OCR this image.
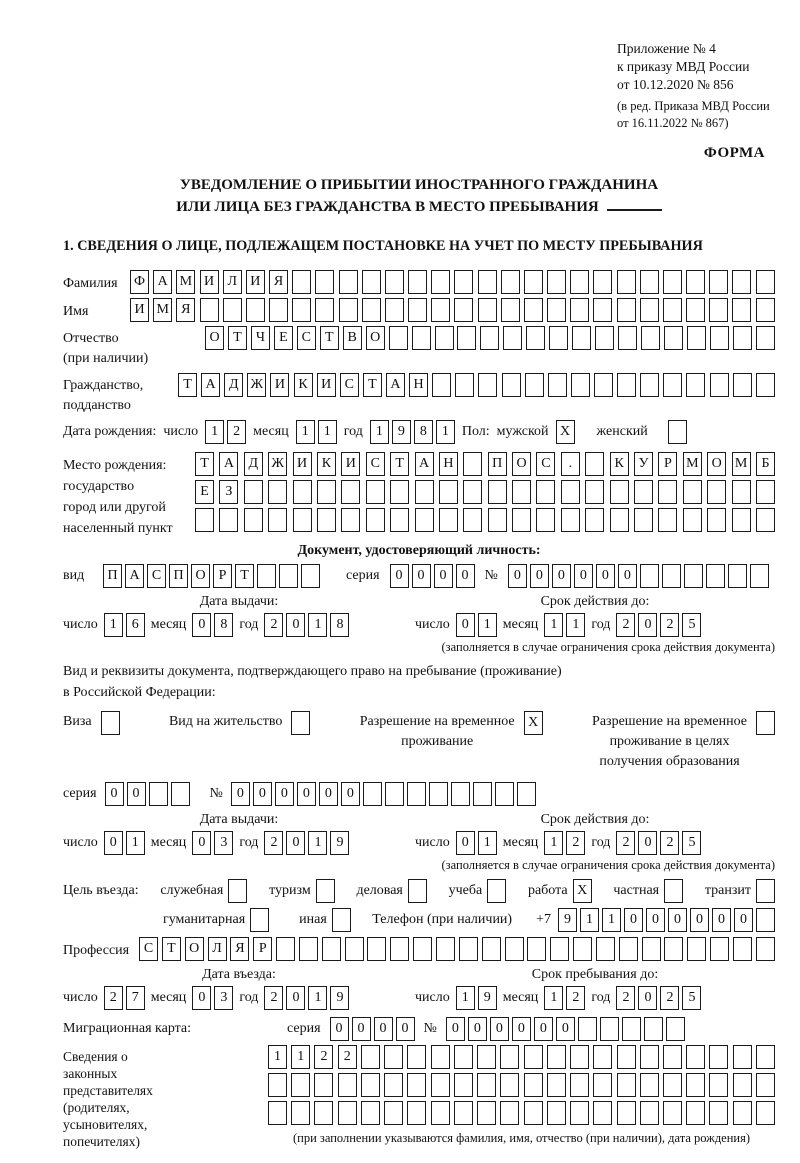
Приложение № 4
к приказу МВД России
от 10.12.2020 № 856
(в ред. Приказа МВД России
от 16.11.2022 № 867)
ФОРМА
УВЕДОМЛЕНИЕ О ПРИБЫТИИ ИНОСТРАННОГО ГРАЖДАНИНА
ИЛИ ЛИЦА БЕЗ ГРАЖДАНСТВА В МЕСТО ПРЕБЫВАНИЯ
1. СВЕДЕНИЯ О ЛИЦЕ, ПОДЛЕЖАЩЕМ ПОСТАНОВКЕ НА УЧЕТ ПО МЕСТУ ПРЕБЫВАНИЯ
Фамилия	Ф А М И Л И Я
Имя	И М Я
Отчество
(при наличии)
О Т	Ч	Е	С	Т	В О
Гражданство,
подданство
Т А Д Ж И К И С	Т А Н
Дата рождения: число 1	2 месяц 1	1 год 1	9	8	1 Пол: мужской X	женский
Место рождения:
государство
город или другой
населенный пункт
Т	А	Д Ж И	К	И	С	Т	А	Н	П	О	С	.	К	У	Р	М О М	Б
Е	З
Документ, удостоверяющий личность:
вид	П А С П О Р Т	серия	0	0	0	0	№	0	0	0	0	0	0
Дата выдачи:
число 1	6 месяц 0	8 год 2	0	1	8
Срок действия до:
число 0	1 месяц 1	1 год 2	0	2	5
(заполняется в случае ограничения срока действия документа)
Вид и реквизиты документа, подтверждающего право на пребывание (проживание)
в Российской Федерации:
Виза	Вид на жительство	Разрешение на временное
проживание
X	Разрешение на временное
проживание в целях
получения образования
серия	0	0	№	0	0	0	0	0	0
Дата выдачи:
число 0	1 месяц 0	3 год 2	0	1	9
Срок действия до:
число 0	1 месяц 1	2 год 2	0	2	5
(заполняется в случае ограничения срока действия документа)
Цель въезда: служебная	туризм	деловая	учеба	работа X	частная	транзит
гуманитарная	иная	Телефон (при наличии) +7 9	1	1	0	0	0	0	0	0
Профессия	С Т О Л Я	Р
Дата въезда:
число 2	7 месяц 0	3 год 2	0	1	9
Срок пребывания до:
число 1	9 месяц 1	2 год 2	0	2	5
Миграционная карта:	серия	0	0	0	0	№	0	0	0	0	0	0
Сведения о
законных
представителях
(родителях,
усыновителях,
попечителях)
1	1	2	2
(при заполнении указываются фамилия, имя, отчество (при наличии), дата рождения)
